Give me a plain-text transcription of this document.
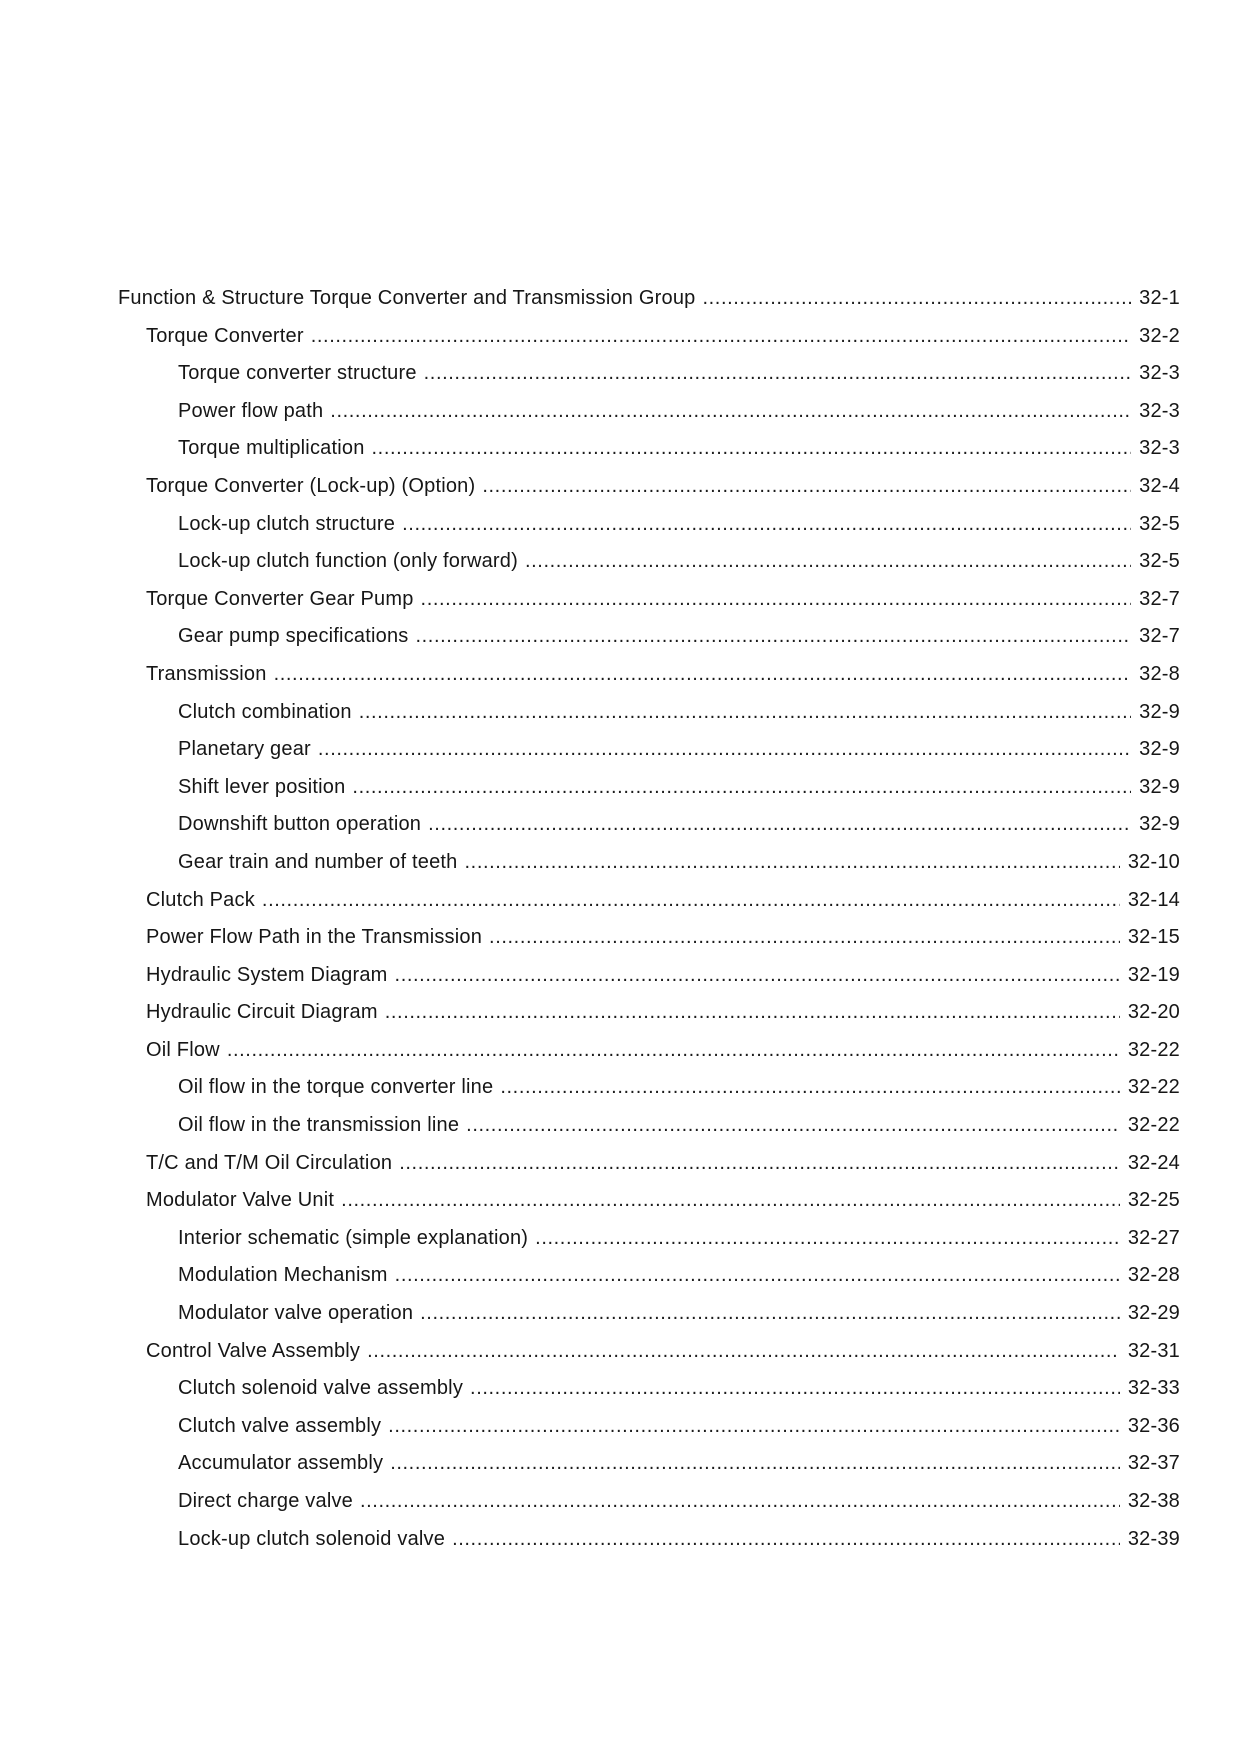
Function & Structure Torque Converter and Transmission Group .....	32-1
Torque Converter .....	32-2
Torque converter structure .....	32-3
Power flow path .....	32-3
Torque multiplication .....	32-3
Torque Converter (Lock-up) (Option) .....	32-4
Lock-up clutch structure .....	32-5
Lock-up clutch function (only forward) .....	32-5
Torque Converter Gear Pump .....	32-7
Gear pump specifications .....	32-7
Transmission .....	32-8
Clutch combination .....	32-9
Planetary gear .....	32-9
Shift lever position .....	32-9
Downshift button operation .....	32-9
Gear train and number of teeth .....	32-10
Clutch Pack .....	32-14
Power Flow Path in the Transmission .....	32-15
Hydraulic System Diagram .....	32-19
Hydraulic Circuit Diagram .....	32-20
Oil Flow .....	32-22
Oil flow in the torque converter line .....	32-22
Oil flow in the transmission line .....	32-22
T/C and T/M Oil Circulation .....	32-24
Modulator Valve Unit .....	32-25
Interior schematic (simple explanation) .....	32-27
Modulation Mechanism .....	32-28
Modulator valve operation .....	32-29
Control Valve Assembly .....	32-31
Clutch solenoid valve assembly .....	32-33
Clutch valve assembly .....	32-36
Accumulator assembly .....	32-37
Direct charge valve .....	32-38
Lock-up clutch solenoid valve .....	32-39
